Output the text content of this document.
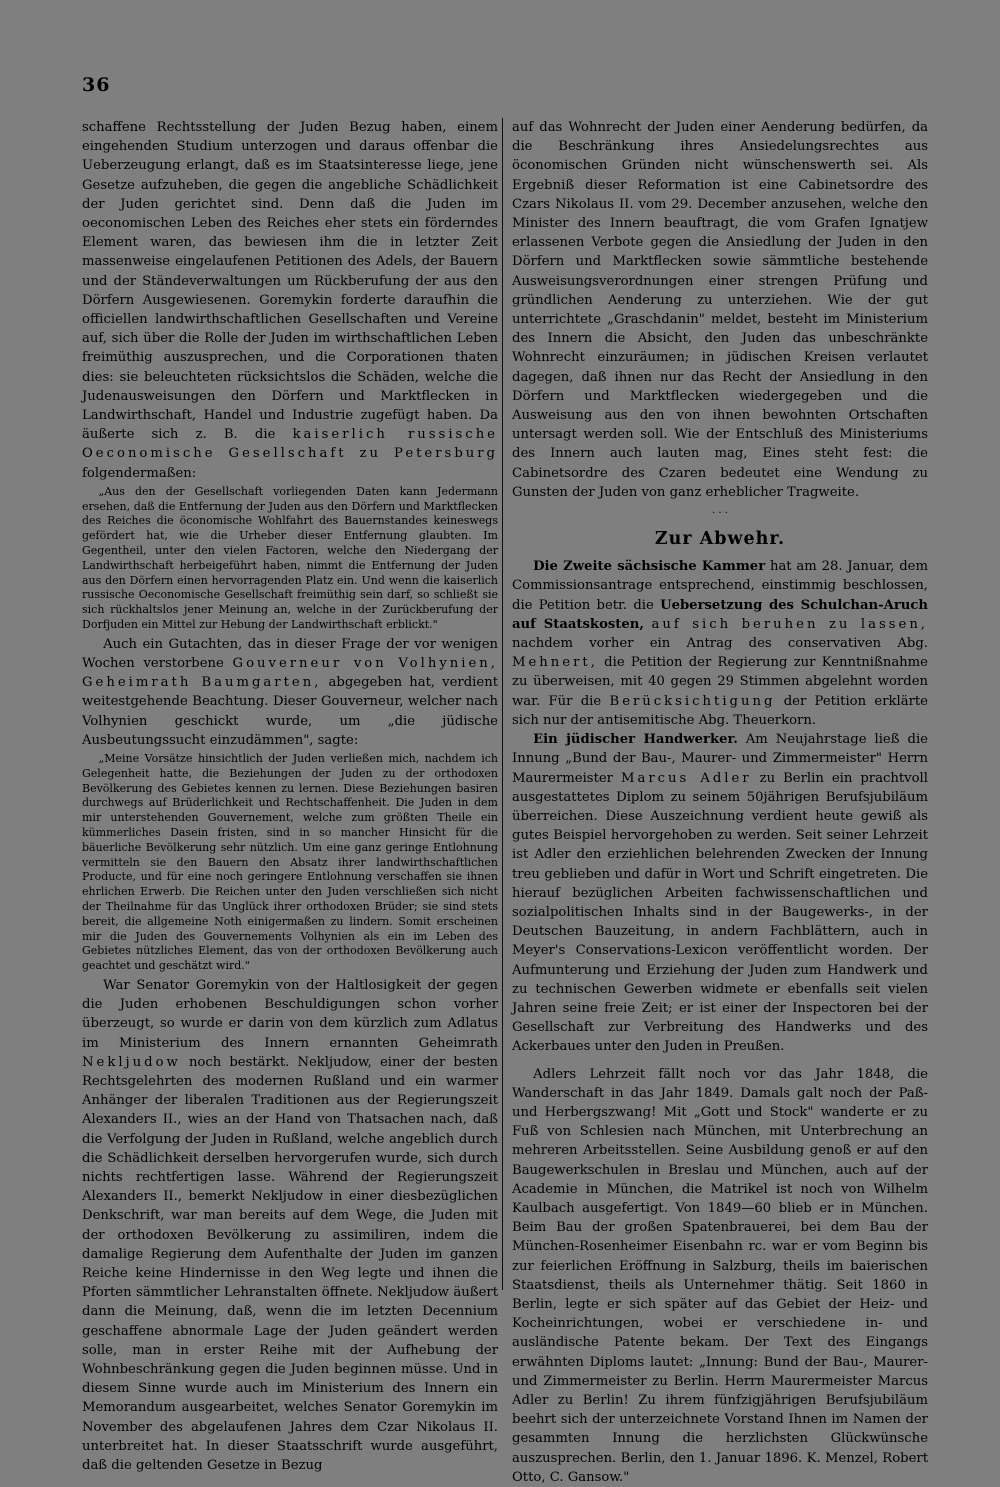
36

schaffene Rechtsstellung der Juden Bezug haben, einem eingehenden Studium unterzogen und daraus offenbar die Ueberzeugung erlangt, daß es im Staatsinteresse liege, jene Gesetze aufzuheben, die gegen die angebliche Schädlichkeit der Juden gerichtet sind. Denn daß die Juden im oeconomischen Leben des Reiches eher stets ein förderndes Element waren, das bewiesen ihm die in letzter Zeit massenweise eingelaufenen Petitionen des Adels, der Bauern und der Ständeverwaltungen um Rückberufung der aus den Dörfern Ausgewiesenen. Goremykin forderte daraufhin die officiellen landwirthschaftlichen Gesellschaften und Vereine auf, sich über die Rolle der Juden im wirthschaftlichen Leben freimüthig auszusprechen, und die Corporationen thaten dies: sie beleuchteten rücksichtslos die Schäden, welche die Judenausweisungen den Dörfern und Marktflecken in Landwirthschaft, Handel und Industrie zugefügt haben. Da äußerte sich z. B. die kaiserlich russische Oeconomische Gesellschaft zu Petersburg folgendermaßen:

„Aus den der Gesellschaft vorliegenden Daten kann Jedermann ersehen, daß die Entfernung der Juden aus den Dörfern und Marktflecken des Reiches die öconomische Wohlfahrt des Bauernstandes keineswegs gefördert hat, wie die Urheber dieser Entfernung glaubten. Im Gegentheil, unter den vielen Factoren, welche den Niedergang der Landwirthschaft herbeigeführt haben, nimmt die Entfernung der Juden aus den Dörfern einen hervorragenden Platz ein. Und wenn die kaiserlich russische Oeconomische Gesellschaft freimüthig sein darf, so schließt sie sich rückhaltslos jener Meinung an, welche in der Zurückberufung der Dorfjuden ein Mittel zur Hebung der Landwirthschaft erblickt."

Auch ein Gutachten, das in dieser Frage der vor wenigen Wochen verstorbene Gouverneur von Volhynien, Geheimrath Baumgarten, abgegeben hat, verdient weitestgehende Beachtung. Dieser Gouverneur, welcher nach Volhynien geschickt wurde, um „die jüdische Ausbeutungssucht einzudämmen", sagte:

„Meine Vorsätze hinsichtlich der Juden verließen mich, nachdem ich Gelegenheit hatte, die Beziehungen der Juden zu der orthodoxen Bevölkerung des Gebietes kennen zu lernen. Diese Beziehungen basiren durchwegs auf Brüderlichkeit und Rechtschaffenheit. Die Juden in dem mir unterstehenden Gouvernement, welche zum größten Theile ein kümmerliches Dasein fristen, sind in so mancher Hinsicht für die bäuerliche Bevölkerung sehr nützlich. Um eine ganz geringe Entlohnung vermitteln sie den Bauern den Absatz ihrer landwirthschaftlichen Producte, und für eine noch geringere Entlohnung verschaffen sie ihnen ehrlichen Erwerb. Die Reichen unter den Juden verschließen sich nicht der Theilnahme für das Unglück ihrer orthodoxen Brüder; sie sind stets bereit, die allgemeine Noth einigermaßen zu lindern. Somit erscheinen mir die Juden des Gouvernements Volhynien als ein im Leben des Gebietes nützliches Element, das von der orthodoxen Bevölkerung auch geachtet und geschätzt wird."

War Senator Goremykin von der Haltlosigkeit der gegen die Juden erhobenen Beschuldigungen schon vorher überzeugt, so wurde er darin von dem kürzlich zum Adlatus im Ministerium des Innern ernannten Geheimrath Nekljudow noch bestärkt. Nekljudow, einer der besten Rechtsgelehrten des modernen Rußland und ein warmer Anhänger der liberalen Traditionen aus der Regierungszeit Alexanders II., wies an der Hand von Thatsachen nach, daß die Verfolgung der Juden in Rußland, welche angeblich durch die Schädlichkeit derselben hervorgerufen wurde, sich durch nichts rechtfertigen lasse. Während der Regierungszeit Alexanders II., bemerkt Nekljudow in einer diesbezüglichen Denkschrift, war man bereits auf dem Wege, die Juden mit der orthodoxen Bevölkerung zu assimiliren, indem die damalige Regierung dem Aufenthalte der Juden im ganzen Reiche keine Hindernisse in den Weg legte und ihnen die Pforten sämmtlicher Lehranstalten öffnete. Nekljudow äußert dann die Meinung, daß, wenn die im letzten Decennium geschaffene abnormale Lage der Juden geändert werden solle, man in erster Reihe mit der Aufhebung der Wohnbeschränkung gegen die Juden beginnen müsse. Und in diesem Sinne wurde auch im Ministerium des Innern ein Memorandum ausgearbeitet, welches Senator Goremykin im November des abgelaufenen Jahres dem Czar Nikolaus II. unterbreitet hat. In dieser Staatsschrift wurde ausgeführt, daß die geltenden Gesetze in Bezug

auf das Wohnrecht der Juden einer Aenderung bedürfen, da die Beschränkung ihres Ansiedelungsrechtes aus öconomischen Gründen nicht wünschenswerth sei. Als Ergebniß dieser Reformation ist eine Cabinetsordre des Czars Nikolaus II. vom 29. December anzusehen, welche den Minister des Innern beauftragt, die vom Grafen Ignatjew erlassenen Verbote gegen die Ansiedlung der Juden in den Dörfern und Marktflecken sowie sämmtliche bestehende Ausweisungsverordnungen einer strengen Prüfung und gründlichen Aenderung zu unterziehen. Wie der gut unterrichtete „Graschdanin" meldet, besteht im Ministerium des Innern die Absicht, den Juden das unbeschränkte Wohnrecht einzuräumen; in jüdischen Kreisen verlautet dagegen, daß ihnen nur das Recht der Ansiedlung in den Dörfern und Marktflecken wiedergegeben und die Ausweisung aus den von ihnen bewohnten Ortschaften untersagt werden soll. Wie der Entschluß des Ministeriums des Innern auch lauten mag, Eines steht fest: die Cabinetsordre des Czaren bedeutet eine Wendung zu Gunsten der Juden von ganz erheblicher Tragweite.

. . .
Zur Abwehr.

Die Zweite sächsische Kammer hat am 28. Januar, dem Commissionsantrage entsprechend, einstimmig beschlossen, die Petition betr. die Uebersetzung des Schulchan-Aruch auf Staatskosten, auf sich beruhen zu lassen, nachdem vorher ein Antrag des conservativen Abg. Mehnert, die Petition der Regierung zur Kenntnißnahme zu überweisen, mit 40 gegen 29 Stimmen abgelehnt worden war. Für die Berücksichtigung der Petition erklärte sich nur der antisemitische Abg. Theuerkorn.

Ein jüdischer Handwerker. Am Neujahrstage ließ die Innung „Bund der Bau-, Maurer- und Zimmermeister" Herrn Maurermeister Marcus Adler zu Berlin ein prachtvoll ausgestattetes Diplom zu seinem 50jährigen Berufsjubiläum überreichen. Diese Auszeichnung verdient heute gewiß als gutes Beispiel hervorgehoben zu werden. Seit seiner Lehrzeit ist Adler den erziehlichen belehrenden Zwecken der Innung treu geblieben und dafür in Wort und Schrift eingetreten. Die hierauf bezüglichen Arbeiten fachwissenschaftlichen und sozialpolitischen Inhalts sind in der Baugewerks-, in der Deutschen Bauzeitung, in andern Fachblättern, auch in Meyer's Conservations-Lexicon veröffentlicht worden. Der Aufmunterung und Erziehung der Juden zum Handwerk und zu technischen Gewerben widmete er ebenfalls seit vielen Jahren seine freie Zeit; er ist einer der Inspectoren bei der Gesellschaft zur Verbreitung des Handwerks und des Ackerbaues unter den Juden in Preußen.

Adlers Lehrzeit fällt noch vor das Jahr 1848, die Wanderschaft in das Jahr 1849. Damals galt noch der Paß- und Herbergszwang! Mit „Gott und Stock" wanderte er zu Fuß von Schlesien nach München, mit Unterbrechung an mehreren Arbeitsstellen. Seine Ausbildung genoß er auf den Baugewerkschulen in Breslau und München, auch auf der Academie in München, die Matrikel ist noch von Wilhelm Kaulbach ausgefertigt. Von 1849—60 blieb er in München. Beim Bau der großen Spatenbrauerei, bei dem Bau der München-Rosenheimer Eisenbahn rc. war er vom Beginn bis zur feierlichen Eröffnung in Salzburg, theils im baierischen Staatsdienst, theils als Unternehmer thätig. Seit 1860 in Berlin, legte er sich später auf das Gebiet der Heiz- und Kocheinrichtungen, wobei er verschiedene in- und ausländische Patente bekam. Der Text des Eingangs erwähnten Diploms lautet: „Innung: Bund der Bau-, Maurer- und Zimmermeister zu Berlin. Herrn Maurermeister Marcus Adler zu Berlin! Zu ihrem fünfzigjährigen Berufsjubiläum beehrt sich der unterzeichnete Vorstand Ihnen im Namen der gesammten Innung die herzlichsten Glückwünsche auszusprechen. Berlin, den 1. Januar 1896. K. Menzel, Robert Otto, C. Gansow."
